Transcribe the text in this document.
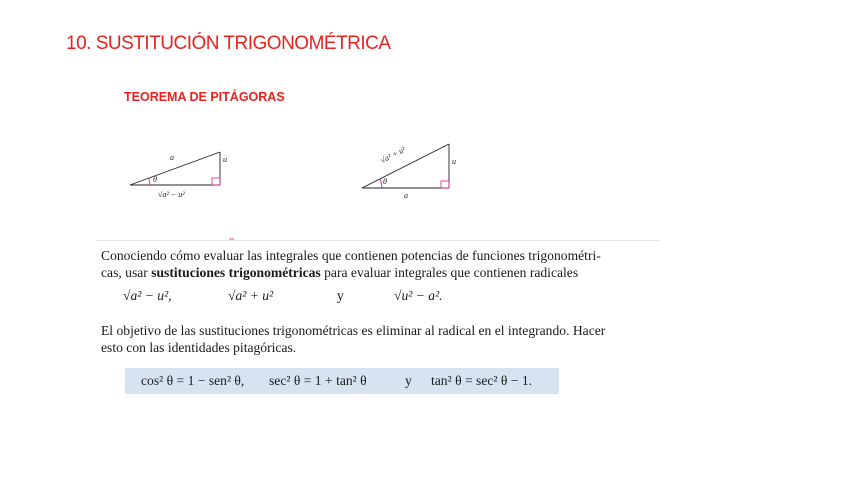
10. SUSTITUCIÓN TRIGONOMÉTRICA
TEOREMA DE PITÁGORAS
a	u
θ
√a² − u²
√a² + u²	u
θ
a
Conociendo cómo evaluar las integrales que contienen potencias de funciones trigonométri-
cas, usar sustituciones trigonométricas para evaluar integrales que contienen radicales
√a² − u²,	√a² + u²	y	√u² − a².
El objetivo de las sustituciones trigonométricas es eliminar al radical en el integrando. Hacer
esto con las identidades pitagóricas.
cos² θ = 1 − sen² θ, sec² θ = 1 + tan² θ	y tan² θ = sec² θ − 1.
